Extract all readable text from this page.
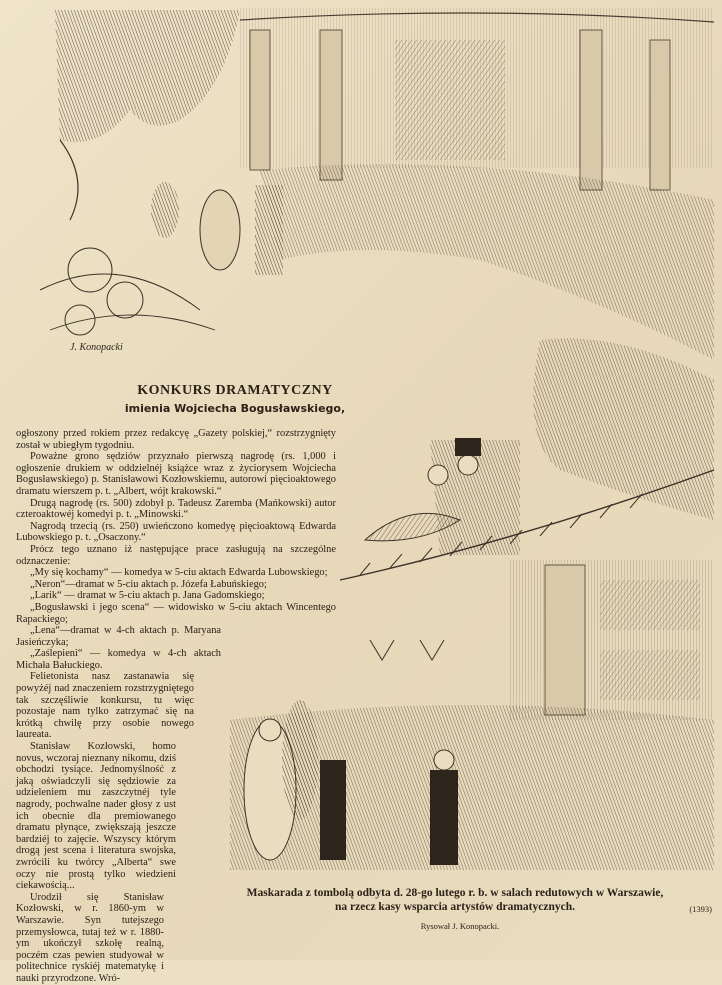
J. Konopacki
KONKURS DRAMATYCZNY
imienia Wojciecha Bogusławskiego,

ogłoszony przed rokiem przez redakcyę „Gazety polskiej,“ rozstrzygnięty został w ubiegłym tygodniu.

Poważne grono sędziów przyznało pierwszą nagrodę (rs. 1,000 i ogłoszenie drukiem w oddzielnéj książce wraz z życiorysem Wojciecha Bogusławskiego) p. Stanisławowi Kozłowskiemu, autorowi pięcioaktowego dramatu wierszem p. t. „Albert, wójt krakowski.“

Drugą nagrodę (rs. 500) zdobył p. Tadeusz Zaremba (Mańkowski) autor czteroaktowéj komedyi p. t. „Minowski.“

Nagrodą trzecią (rs. 250) uwieńczono komedyę pięcioaktową Edwarda Lubowskiego p. t. „Osaczony.“

Prócz tego uznano iż następujące prace zasługują na szczególne odznaczenie:

„My się kochamy“ — komedya w 5-ciu aktach Edwarda Lubowskiego;

„Neron“—dramat w 5-ciu aktach p. Józefa Łabuńskiego;

„Larik“ — dramat w 5-ciu aktach p. Jana Gadomskiego;

„Bogusławski i jego scena“ — widowisko w 5-ciu aktach Wincentego Rapackiego;

„Lena“—dramat w 4-ch aktach p. Maryana Jasieńczyka;

„Zaślepieni“ — komedya w 4-ch aktach Michała Bałuckiego.

Felietonista nasz zastanawia się powyżéj nad znaczeniem rozstrzygniętego tak szczęśliwie konkursu, tu więc pozostaje nam tylko zatrzymać się na krótką chwilę przy osobie nowego laureata.

Stanisław Kozłowski, homo novus, wczoraj nieznany nikomu, dziś obchodzi tysiące. Jednomyślność z jaką oświadczyli się sędziowie za udzieleniem mu zaszczytnéj tyle nagrody, pochwalne nader głosy z ust ich obecnie dla premiowanego dramatu płynące, zwiększają jeszcze bardziéj to zajęcie. Wszyscy którym drogą jest scena i literatura swojska, zwrócili ku twórcy „Alberta“ swe oczy nie prostą tylko wiedzieni ciekawością...

Urodził się Stanisław Kozłowski, w r. 1860-ym w Warszawie. Syn tutejszego przemysłowca, tutaj też w r. 1880-ym ukończył szkołę realną, poczém czas pewien studyował w politechnice ryskiéj matematykę i nauki przyrodzone. Wró-

Maskarada z tombolą odbyta d. 28-go lutego r. b. w salach redutowych w Warszawie,
na rzecz kasy wsparcia artystów dramatycznych.	(1393)
Rysował J. Konopacki.
